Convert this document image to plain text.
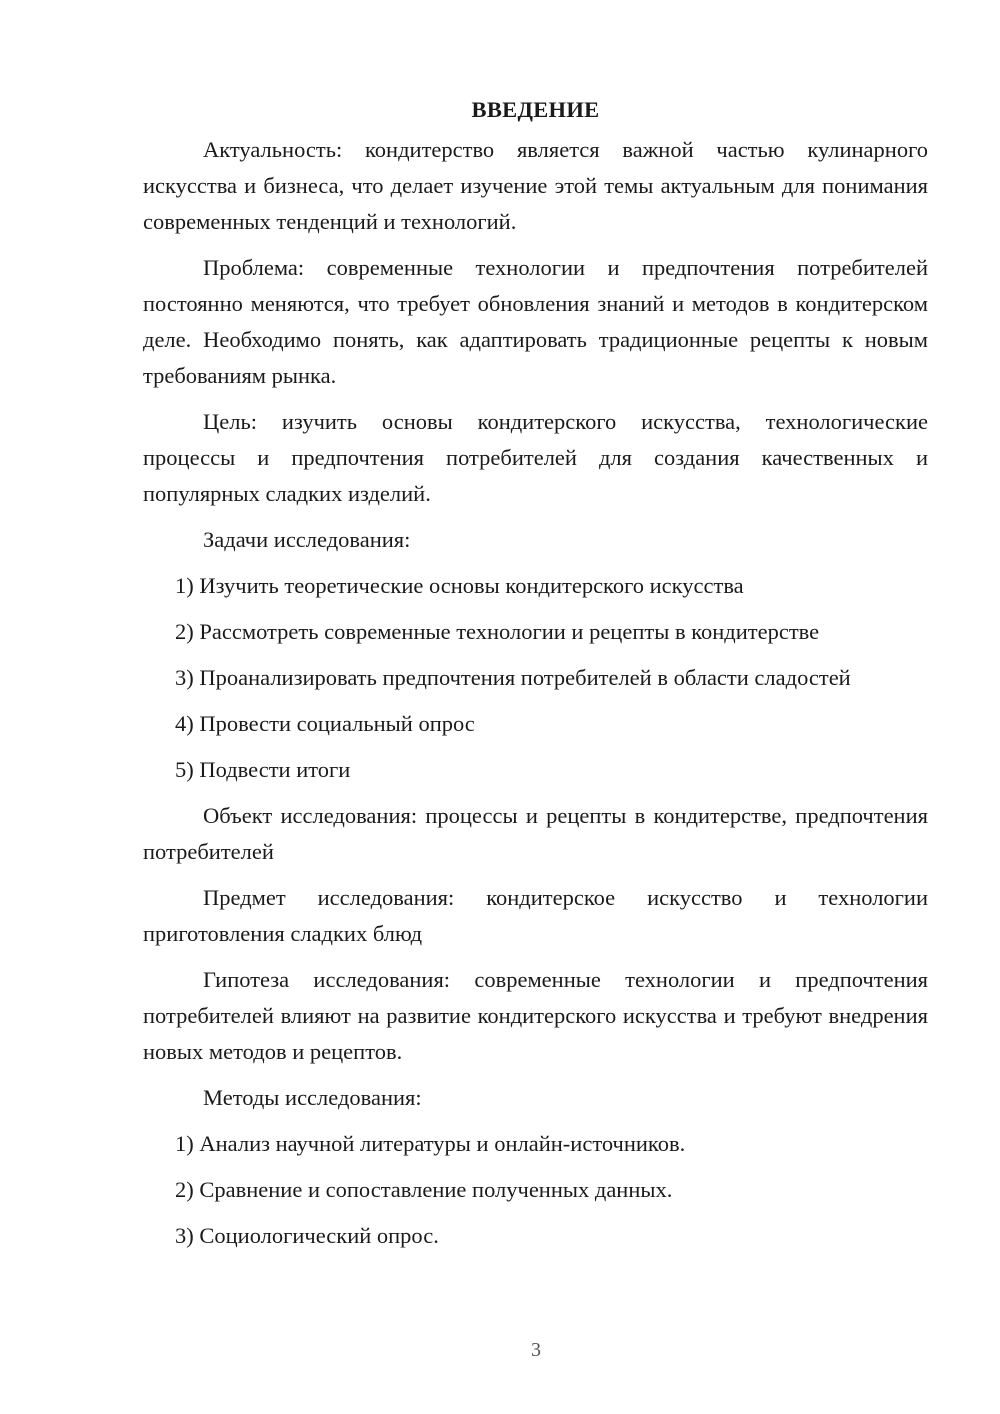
ВВЕДЕНИЕ

Актуальность: кондитерство является важной частью кулинарного искусства и бизнеса, что делает изучение этой темы актуальным для понимания современных тенденций и технологий.

Проблема: современные технологии и предпочтения потребителей постоянно меняются, что требует обновления знаний и методов в кондитерском деле. Необходимо понять, как адаптировать традиционные рецепты к новым требованиям рынка.

Цель: изучить основы кондитерского искусства, технологические процессы и предпочтения потребителей для создания качественных и популярных сладких изделий.

Задачи исследования:

1) Изучить теоретические основы кондитерского искусства

2) Рассмотреть современные технологии и рецепты в кондитерстве

3) Проанализировать предпочтения потребителей в области сладостей

4) Провести социальный опрос

5) Подвести итоги

Объект исследования: процессы и рецепты в кондитерстве, предпочтения потребителей

Предмет исследования: кондитерское искусство и технологии приготовления сладких блюд

Гипотеза исследования: современные технологии и предпочтения потребителей влияют на развитие кондитерского искусства и требуют внедрения новых методов и рецептов.

Методы исследования:

1) Анализ научной литературы и онлайн-источников.

2) Сравнение и сопоставление полученных данных.

3) Социологический опрос.

3
